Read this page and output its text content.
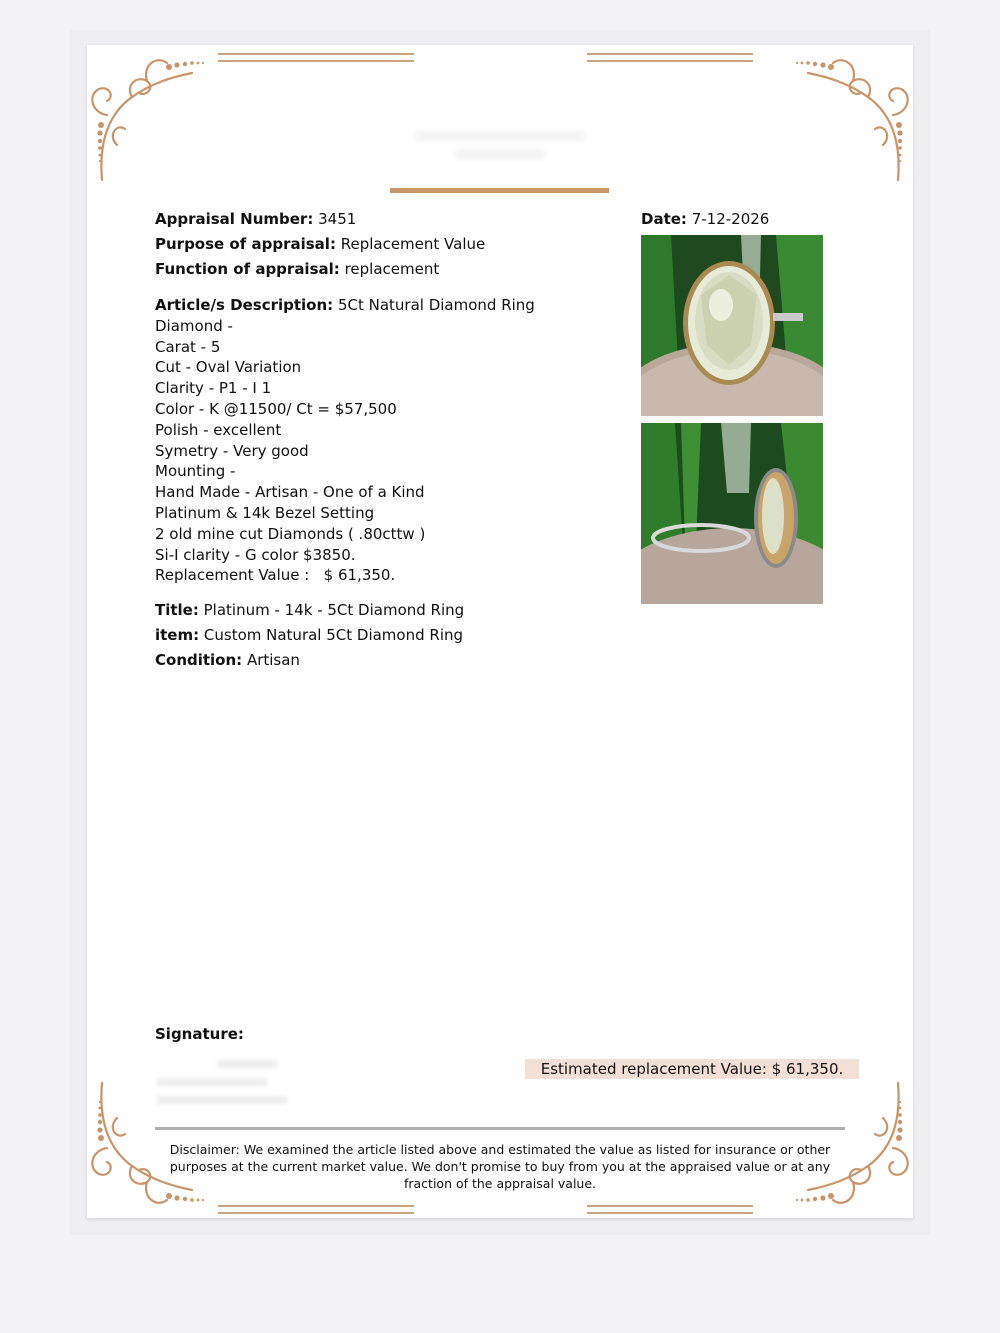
Appraisal Number: 3451
Purpose of appraisal: Replacement Value
Function of appraisal: replacement
Article/s Description: 5Ct Natural Diamond Ring
Diamond -
Carat - 5
Cut - Oval Variation
Clarity - P1 - I 1
Color - K @11500/ Ct = $57,500
Polish - excellent
Symetry - Very good
Mounting -
Hand Made - Artisan - One of a Kind
Platinum & 14k Bezel Setting
2 old mine cut Diamonds ( .80cttw )
Si-I clarity - G color $3850.
Replacement Value :   $ 61,350.
Title: Platinum - 14k - 5Ct Diamond Ring
item: Custom Natural 5Ct Diamond Ring
Condition: Artisan
Date: 7-12-2026
Signature:
Estimated replacement Value: $ 61,350.
Disclaimer: We examined the article listed above and estimated the value as listed for insurance or other purposes at the current market value. We don't promise to buy from you at the appraised value or at any fraction of the appraisal value.
